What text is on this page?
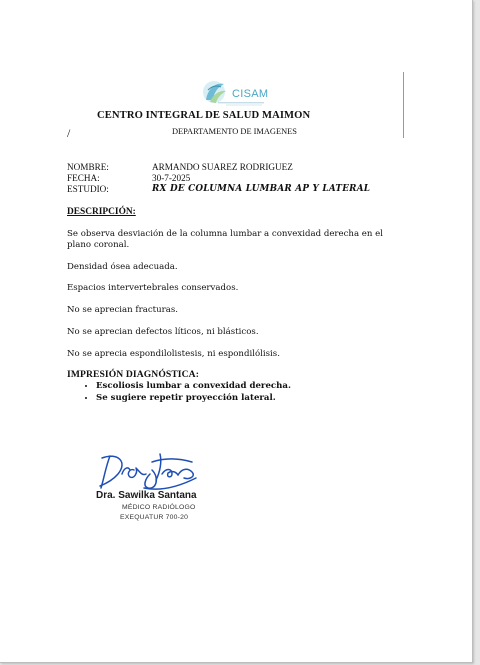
CISAM
CENTRO INTEGRAL DE SALUD MAIMON
/	DEPARTAMENTO DE IMAGENES
NOMBRE:	ARMANDO SUAREZ RODRIGUEZ
FECHA:	30-7-2025
ESTUDIO:	RX DE COLUMNA LUMBAR AP Y LATERAL
DESCRIPCIÓN:
Se observa desviación de la columna lumbar a convexidad derecha en el plano coronal.
Densidad ósea adecuada.
Espacios intervertebrales conservados.
No se aprecian fracturas.
No se aprecian defectos líticos, ni blásticos.
No se aprecia espondilolistesis, ni espondilólisis.
IMPRESIÓN DIAGNÓSTICA:
• Escoliosis lumbar a convexidad derecha.
• Se sugiere repetir proyección lateral.
Dra. Sawilka Santana
MÉDICO RADIÓLOGO
EXEQUATUR 700-20
